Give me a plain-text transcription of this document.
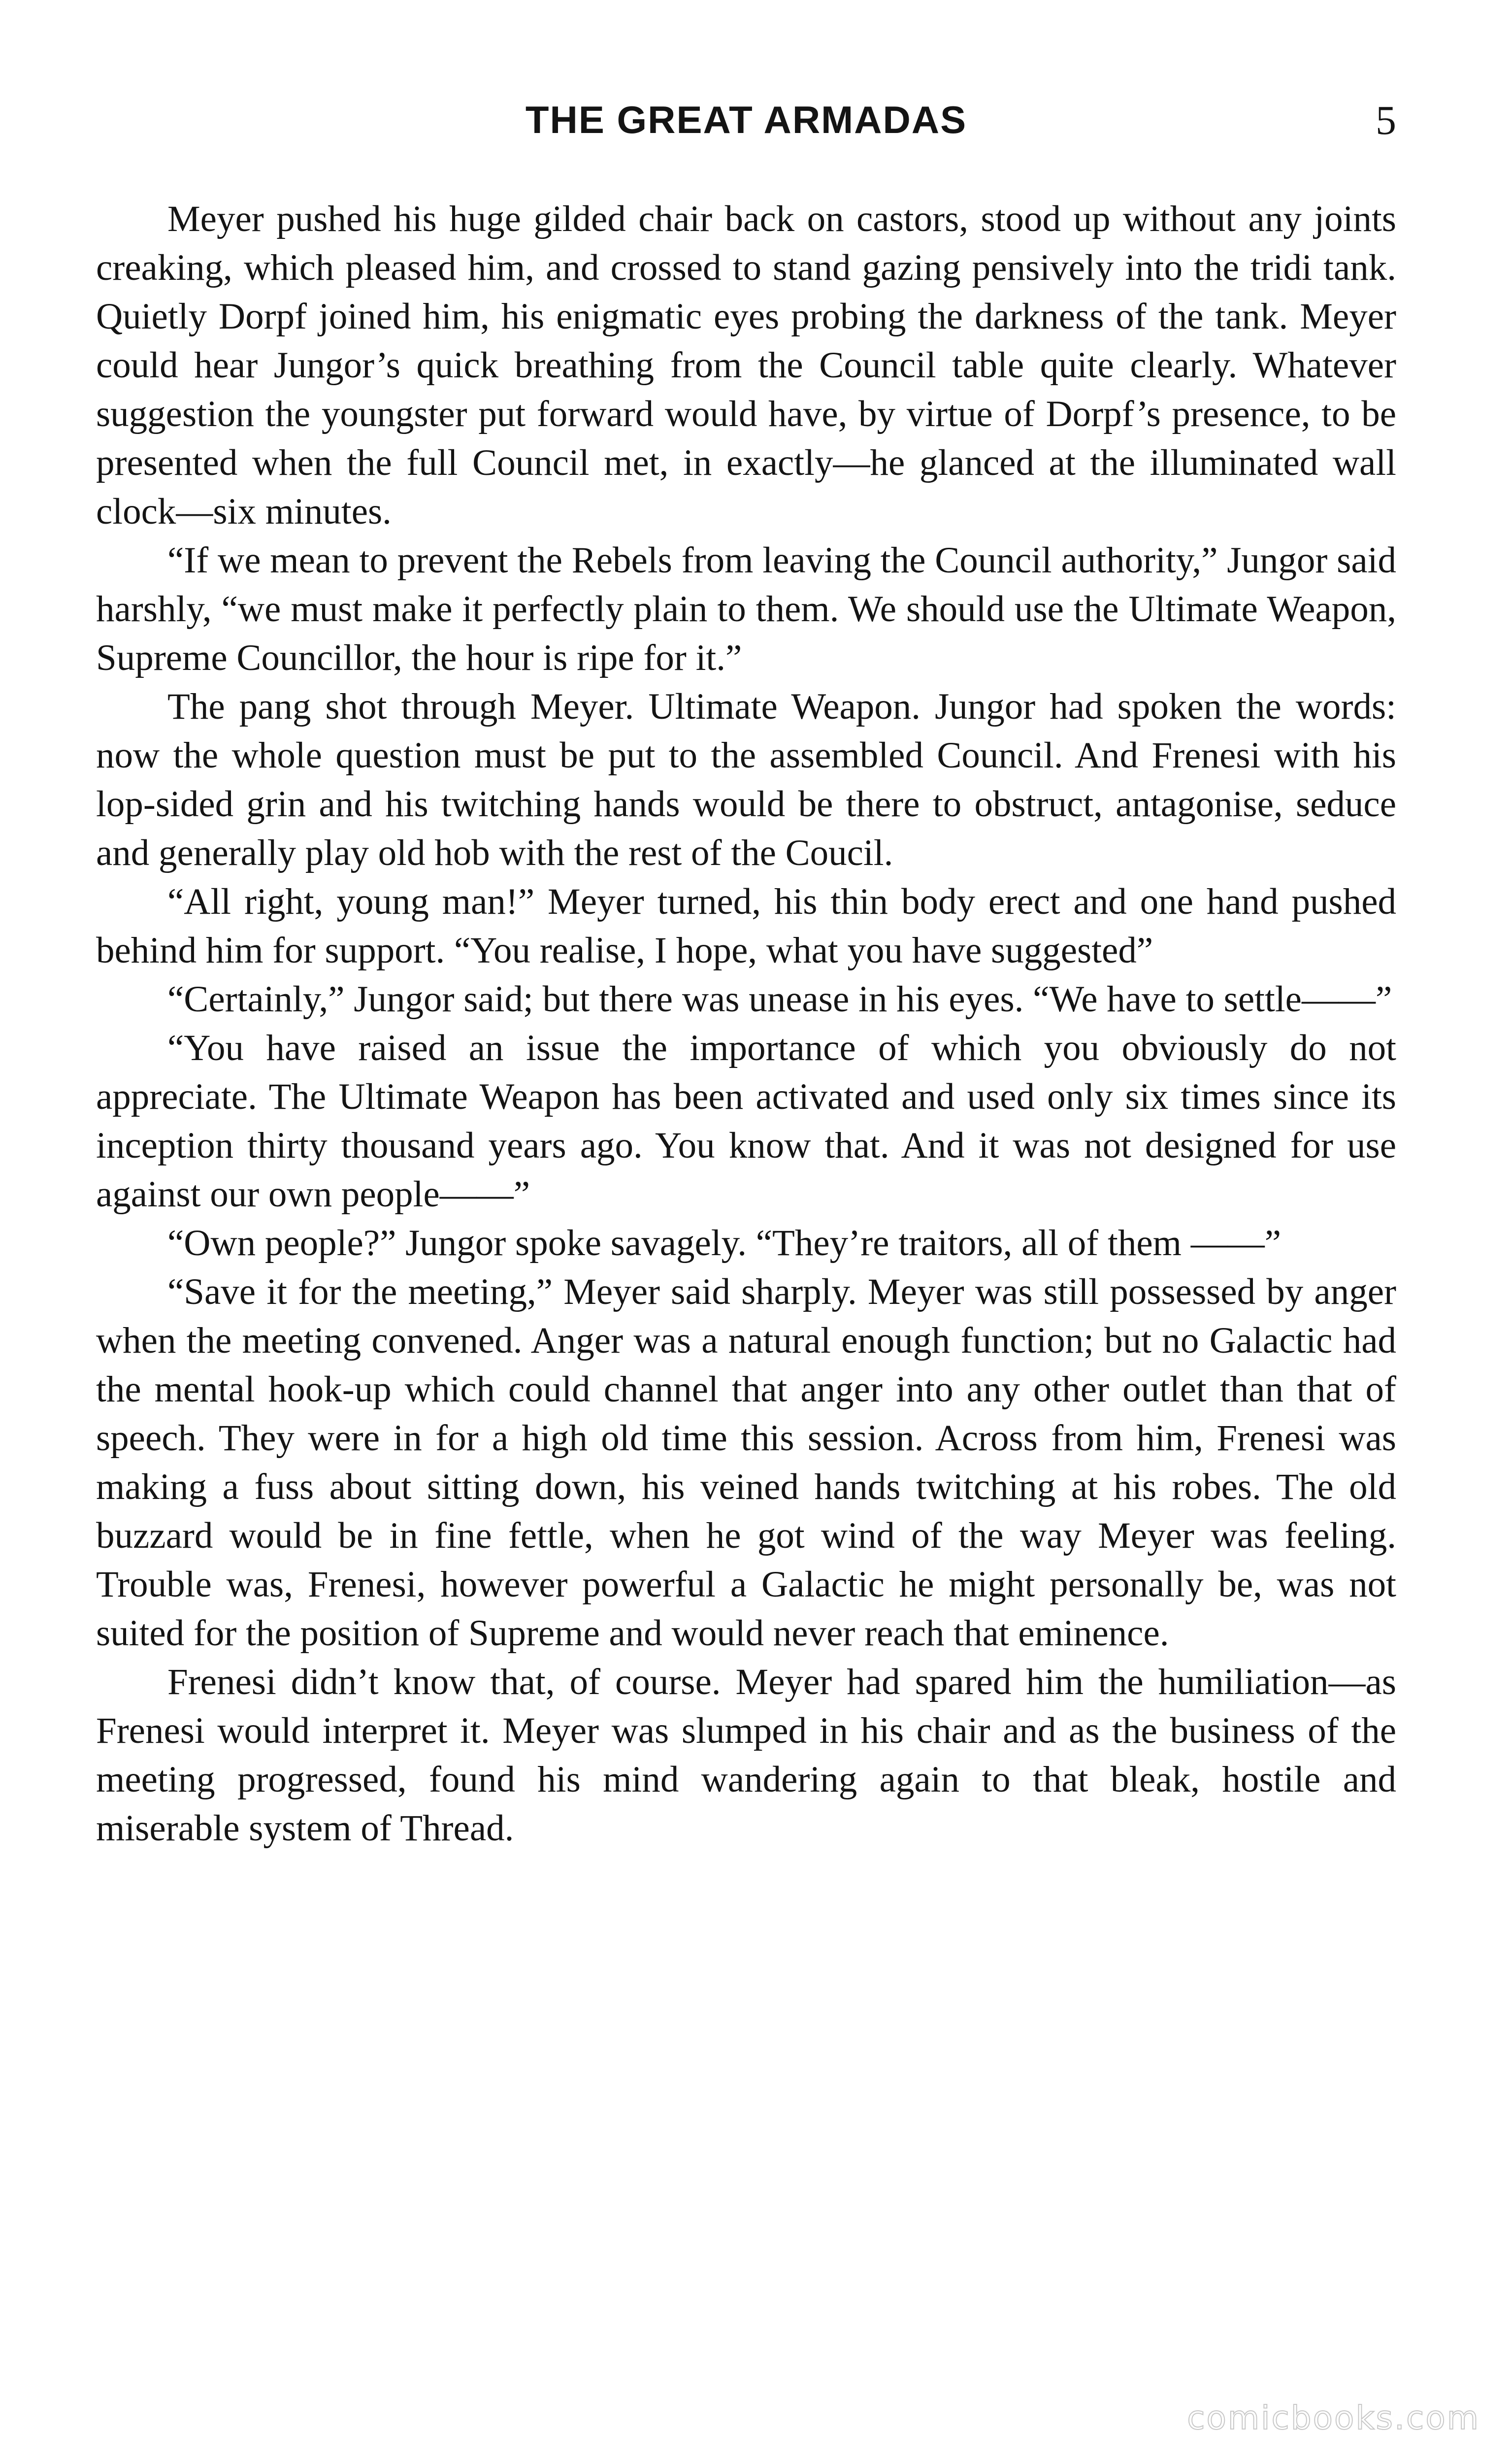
THE GREAT ARMADAS	5

Meyer pushed his huge gilded chair back on castors, stood up without any joints creaking, which pleased him, and crossed to stand gazing pensively into the tridi tank. Quietly Dorpf joined him, his enigmatic eyes probing the darkness of the tank. Meyer could hear Jungor’s quick breathing from the Council table quite clearly. Whatever suggestion the youngster put forward would have, by virtue of Dorpf’s presence, to be presented when the full Council met, in exactly—he glanced at the illuminated wall clock—six minutes.

“If we mean to prevent the Rebels from leaving the Council authority,” Jungor said harshly, “we must make it perfectly plain to them. We should use the Ultimate Weapon, Supreme Councillor, the hour is ripe for it.”

The pang shot through Meyer. Ultimate Weapon. Jungor had spoken the words: now the whole question must be put to the assembled Council. And Frenesi with his lop-sided grin and his twitching hands would be there to obstruct, antagonise, seduce and generally play old hob with the rest of the Coucil.

“All right, young man!” Meyer turned, his thin body erect and one hand pushed behind him for support. “You realise, I hope, what you have suggested”

“Certainly,” Jungor said; but there was unease in his eyes. “We have to settle——”

“You have raised an issue the importance of which you obviously do not appreciate. The Ultimate Weapon has been activated and used only six times since its inception thirty thousand years ago. You know that. And it was not designed for use against our own people——”

“Own people?” Jungor spoke savagely. “They’re traitors, all of them ——”

“Save it for the meeting,” Meyer said sharply. Meyer was still possessed by anger when the meeting convened. Anger was a natural enough function; but no Galactic had the mental hook-up which could channel that anger into any other outlet than that of speech. They were in for a high old time this session. Across from him, Frenesi was making a fuss about sitting down, his veined hands twitching at his robes. The old buzzard would be in fine fettle, when he got wind of the way Meyer was feeling. Trouble was, Frenesi, however powerful a Galactic he might personally be, was not suited for the position of Supreme and would never reach that eminence.

Frenesi didn’t know that, of course. Meyer had spared him the humiliation—as Frenesi would interpret it. Meyer was slumped in his chair and as the business of the meeting progressed, found his mind wandering again to that bleak, hostile and miserable system of Thread.

comicbooks.com
